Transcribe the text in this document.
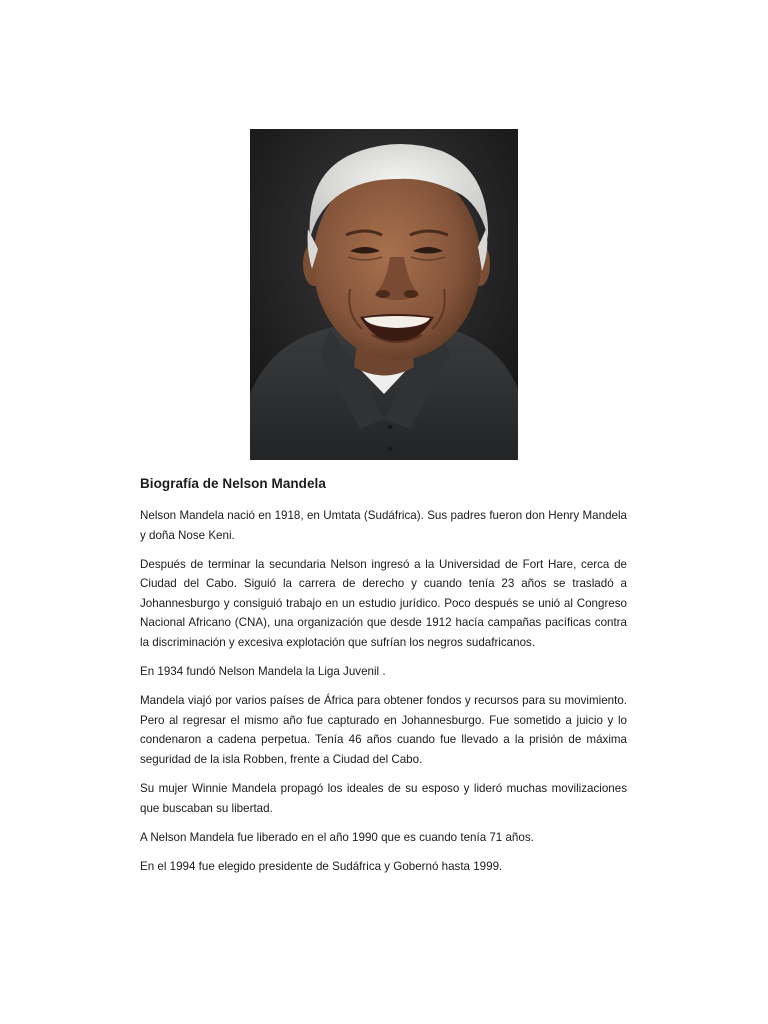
Biografía de Nelson Mandela

Nelson Mandela nació en 1918, en Umtata (Sudáfrica). Sus padres fueron don Henry Mandela y doña Nose Keni.

Después de terminar la secundaria Nelson ingresó a la Universidad de Fort Hare, cerca de Ciudad del Cabo. Siguió la carrera de derecho y cuando tenía 23 años se trasladó a Johannesburgo y consiguió trabajo en un estudio jurídico. Poco después se unió al Congreso Nacional Africano (CNA), una organización que desde 1912 hacía campañas pacíficas contra la discriminación y excesiva explotación que sufrían los negros sudafricanos.

En 1934 fundó Nelson Mandela la Liga Juvenil .

Mandela viajó por varios países de África para obtener fondos y recursos para su movimiento. Pero al regresar el mismo año fue capturado en Johannesburgo. Fue sometido a juicio y lo condenaron a cadena perpetua. Tenía 46 años cuando fue llevado a la prisión de máxima seguridad de la isla Robben, frente a Ciudad del Cabo.

Su mujer Winnie Mandela propagó los ideales de su esposo y lideró muchas movilizaciones que buscaban su libertad.

A Nelson Mandela fue liberado en el año 1990 que es cuando tenía 71 años.

En el 1994 fue elegido presidente de Sudáfrica y Gobernó hasta 1999.
